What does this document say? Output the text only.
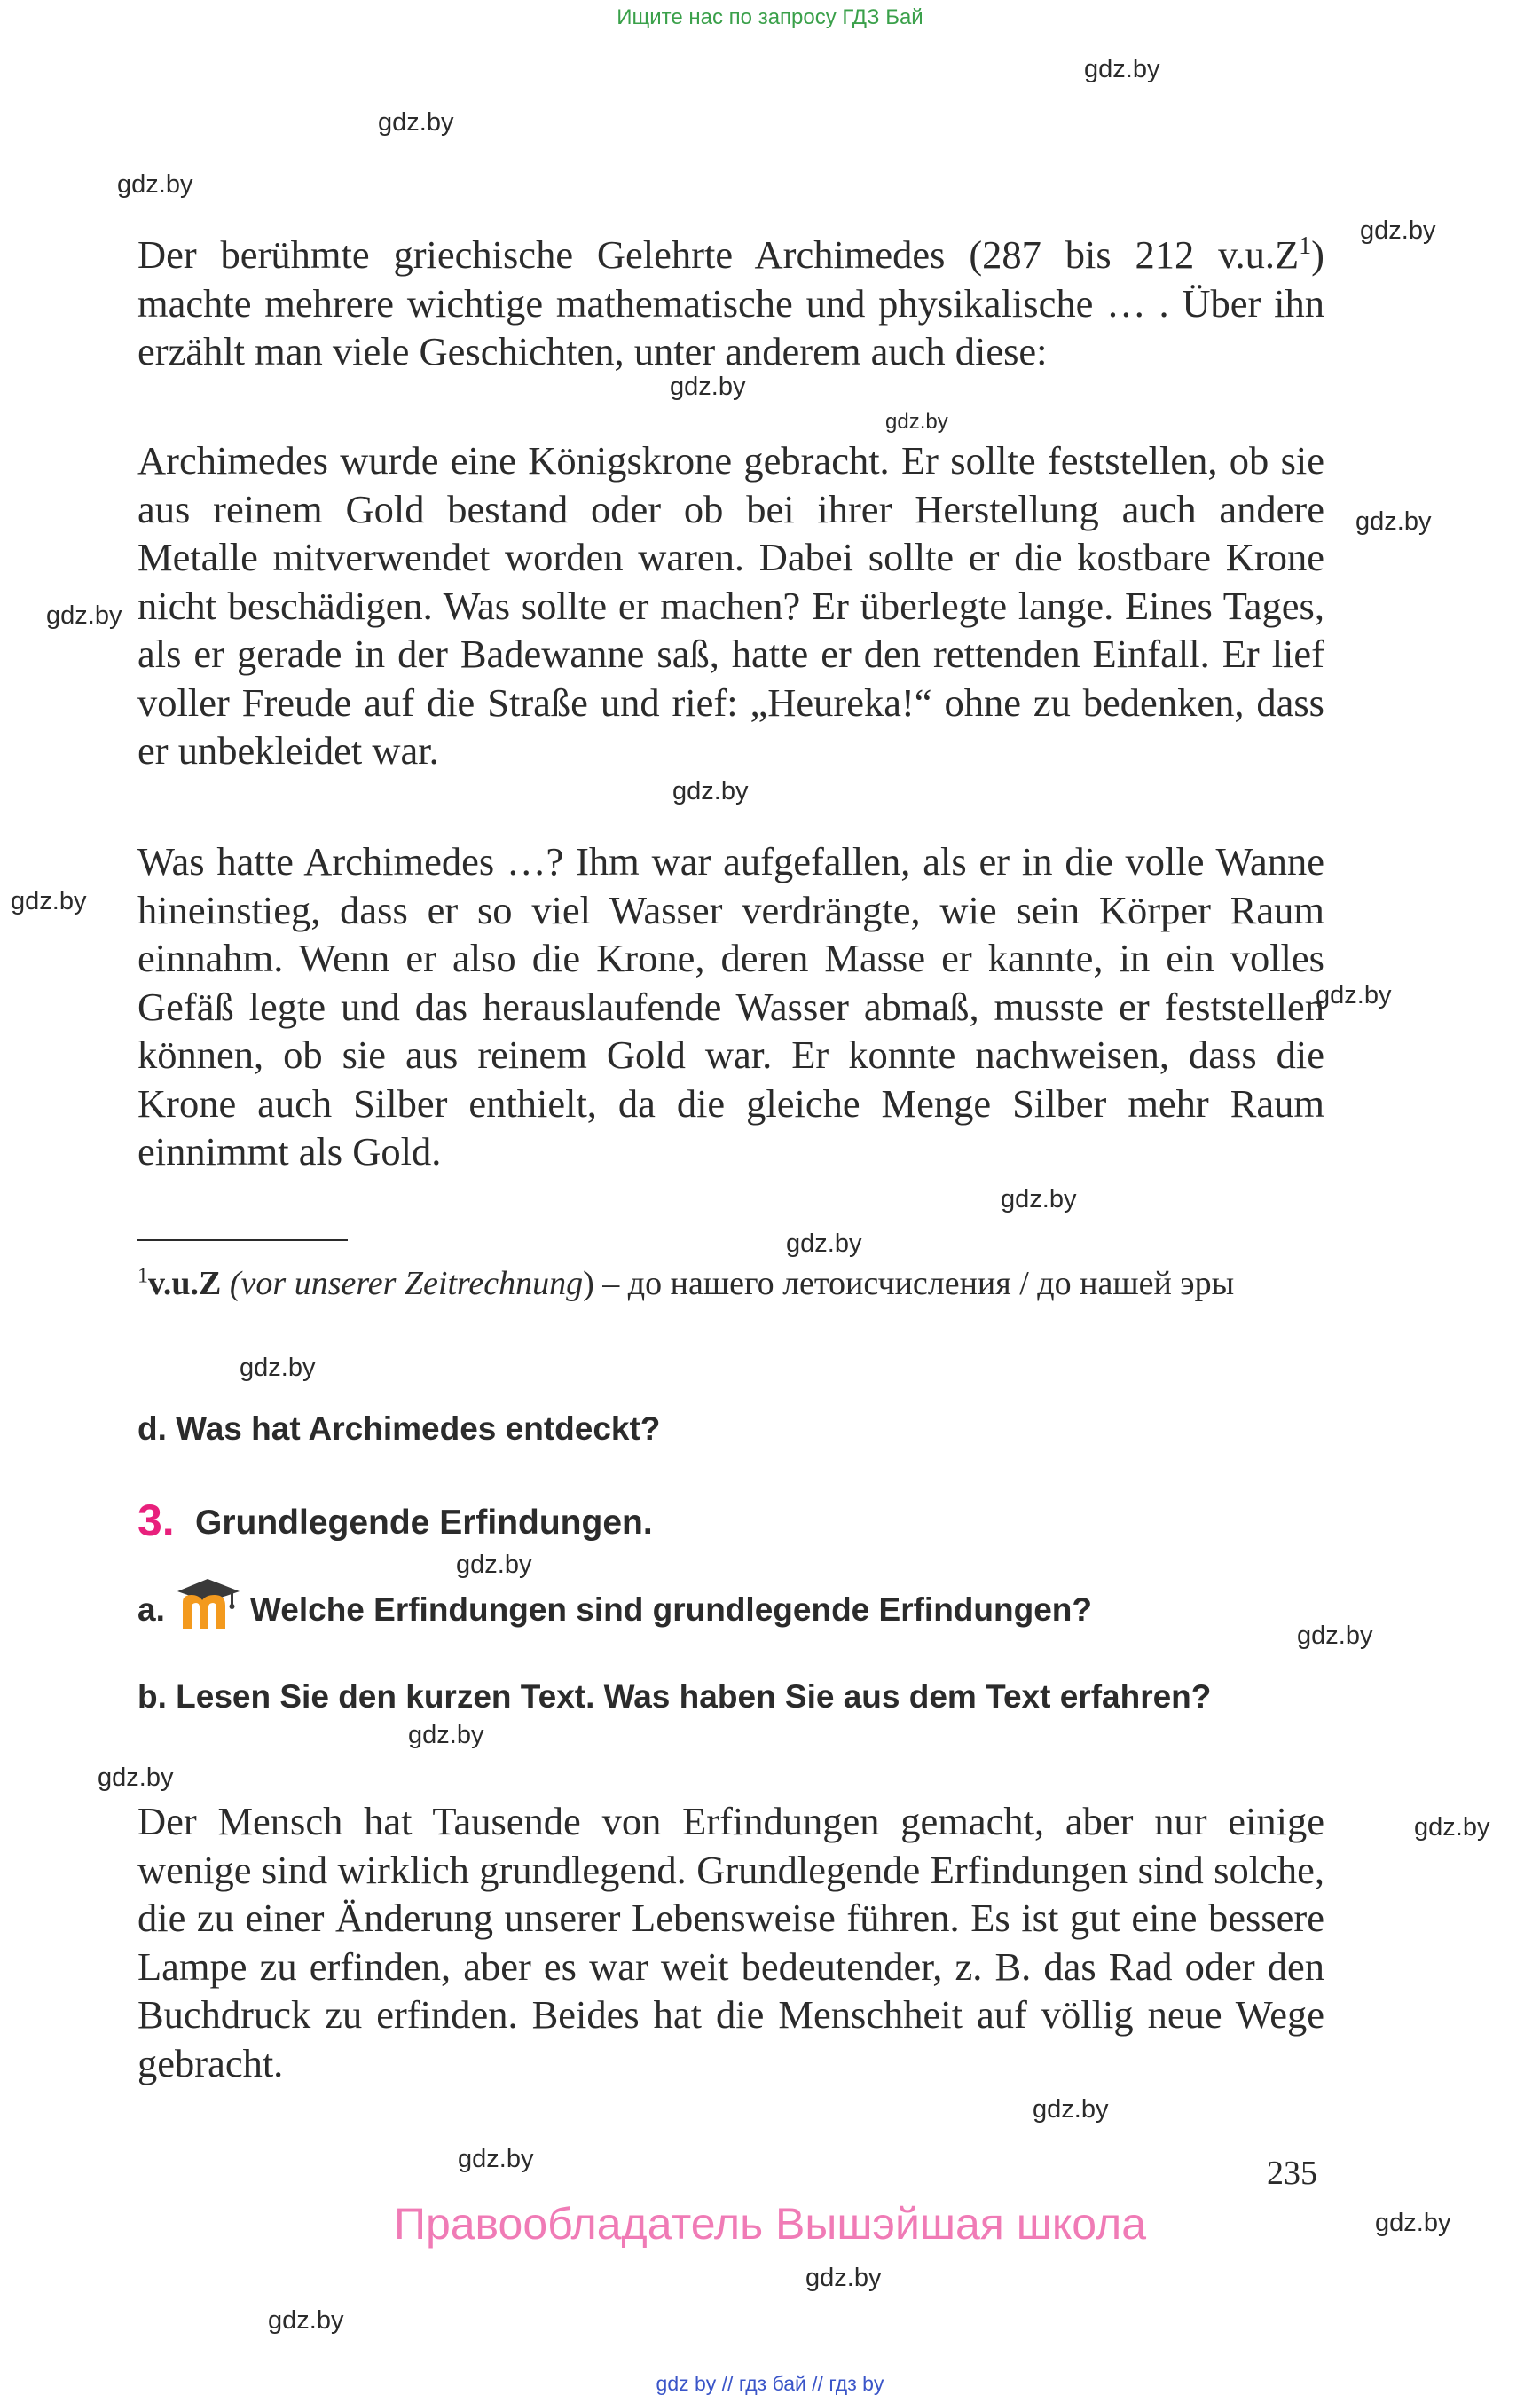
Ищите нас по запросу ГДЗ Бай
gdz.by
gdz.by
gdz.by
gdz.by
gdz.by
gdz.by
gdz.by
gdz.by
gdz.by
gdz.by
gdz.by
gdz.by
gdz.by
gdz.by
gdz.by
gdz.by
gdz.by
gdz.by
gdz.by
gdz.by
gdz.by
gdz.by
gdz.by
gdz.by
Der berühmte griechische Gelehrte Archimedes (287 bis 212 $v.u.Z^1$) machte mehrere wichtige mathematische und physikalische … . Über ihn erzählt man viele Geschichten, unter anderem auch diese:
Archimedes wurde eine Königskrone gebracht. Er sollte feststellen, ob sie aus reinem Gold bestand oder ob bei ihrer Herstellung auch andere Metalle mitverwendet worden waren. Dabei sollte er die kostbare Krone nicht beschädigen. Was sollte er machen? Er überlegte lange. Eines Tages, als er gerade in der Badewanne saß, hatte er den rettenden Einfall. Er lief voller Freude auf die Straße und rief: „Heureka!“ ohne zu bedenken, dass er unbekleidet war.
Was hatte Archimedes …? Ihm war aufgefallen, als er in die volle Wanne hineinstieg, dass er so viel Wasser verdrängte, wie sein Körper Raum einnahm. Wenn er also die Krone, deren Masse er kannte, in ein volles Gefäß legte und das herauslaufende Wasser abmaß, musste er feststellen können, ob sie aus reinem Gold war. Er konnte nachweisen, dass die Krone auch Silber enthielt, da die gleiche Menge Silber mehr Raum einnimmt als Gold.
$^1$v.u.Z (vor unserer Zeitrechnung) – до нашего летоисчисления / до нашей эры
d. Was hat Archimedes entdeckt?
3. Grundlegende Erfindungen.
a.	Welche Erfindungen sind grundlegende Erfindungen?
b. Lesen Sie den kurzen Text. Was haben Sie aus dem Text erfahren?
Der Mensch hat Tausende von Erfindungen gemacht, aber nur einige wenige sind wirklich grundlegend. Grundlegende Erfindungen sind solche, die zu einer Änderung unserer Lebensweise führen. Es ist gut eine bessere Lampe zu erfinden, aber es war weit bedeutender, z. B. das Rad oder den Buchdruck zu erfinden. Beides hat die Menschheit auf völlig neue Wege gebracht.
235
Правообладатель Вышэйшая школа
gdz by // гдз бай // гдз by
